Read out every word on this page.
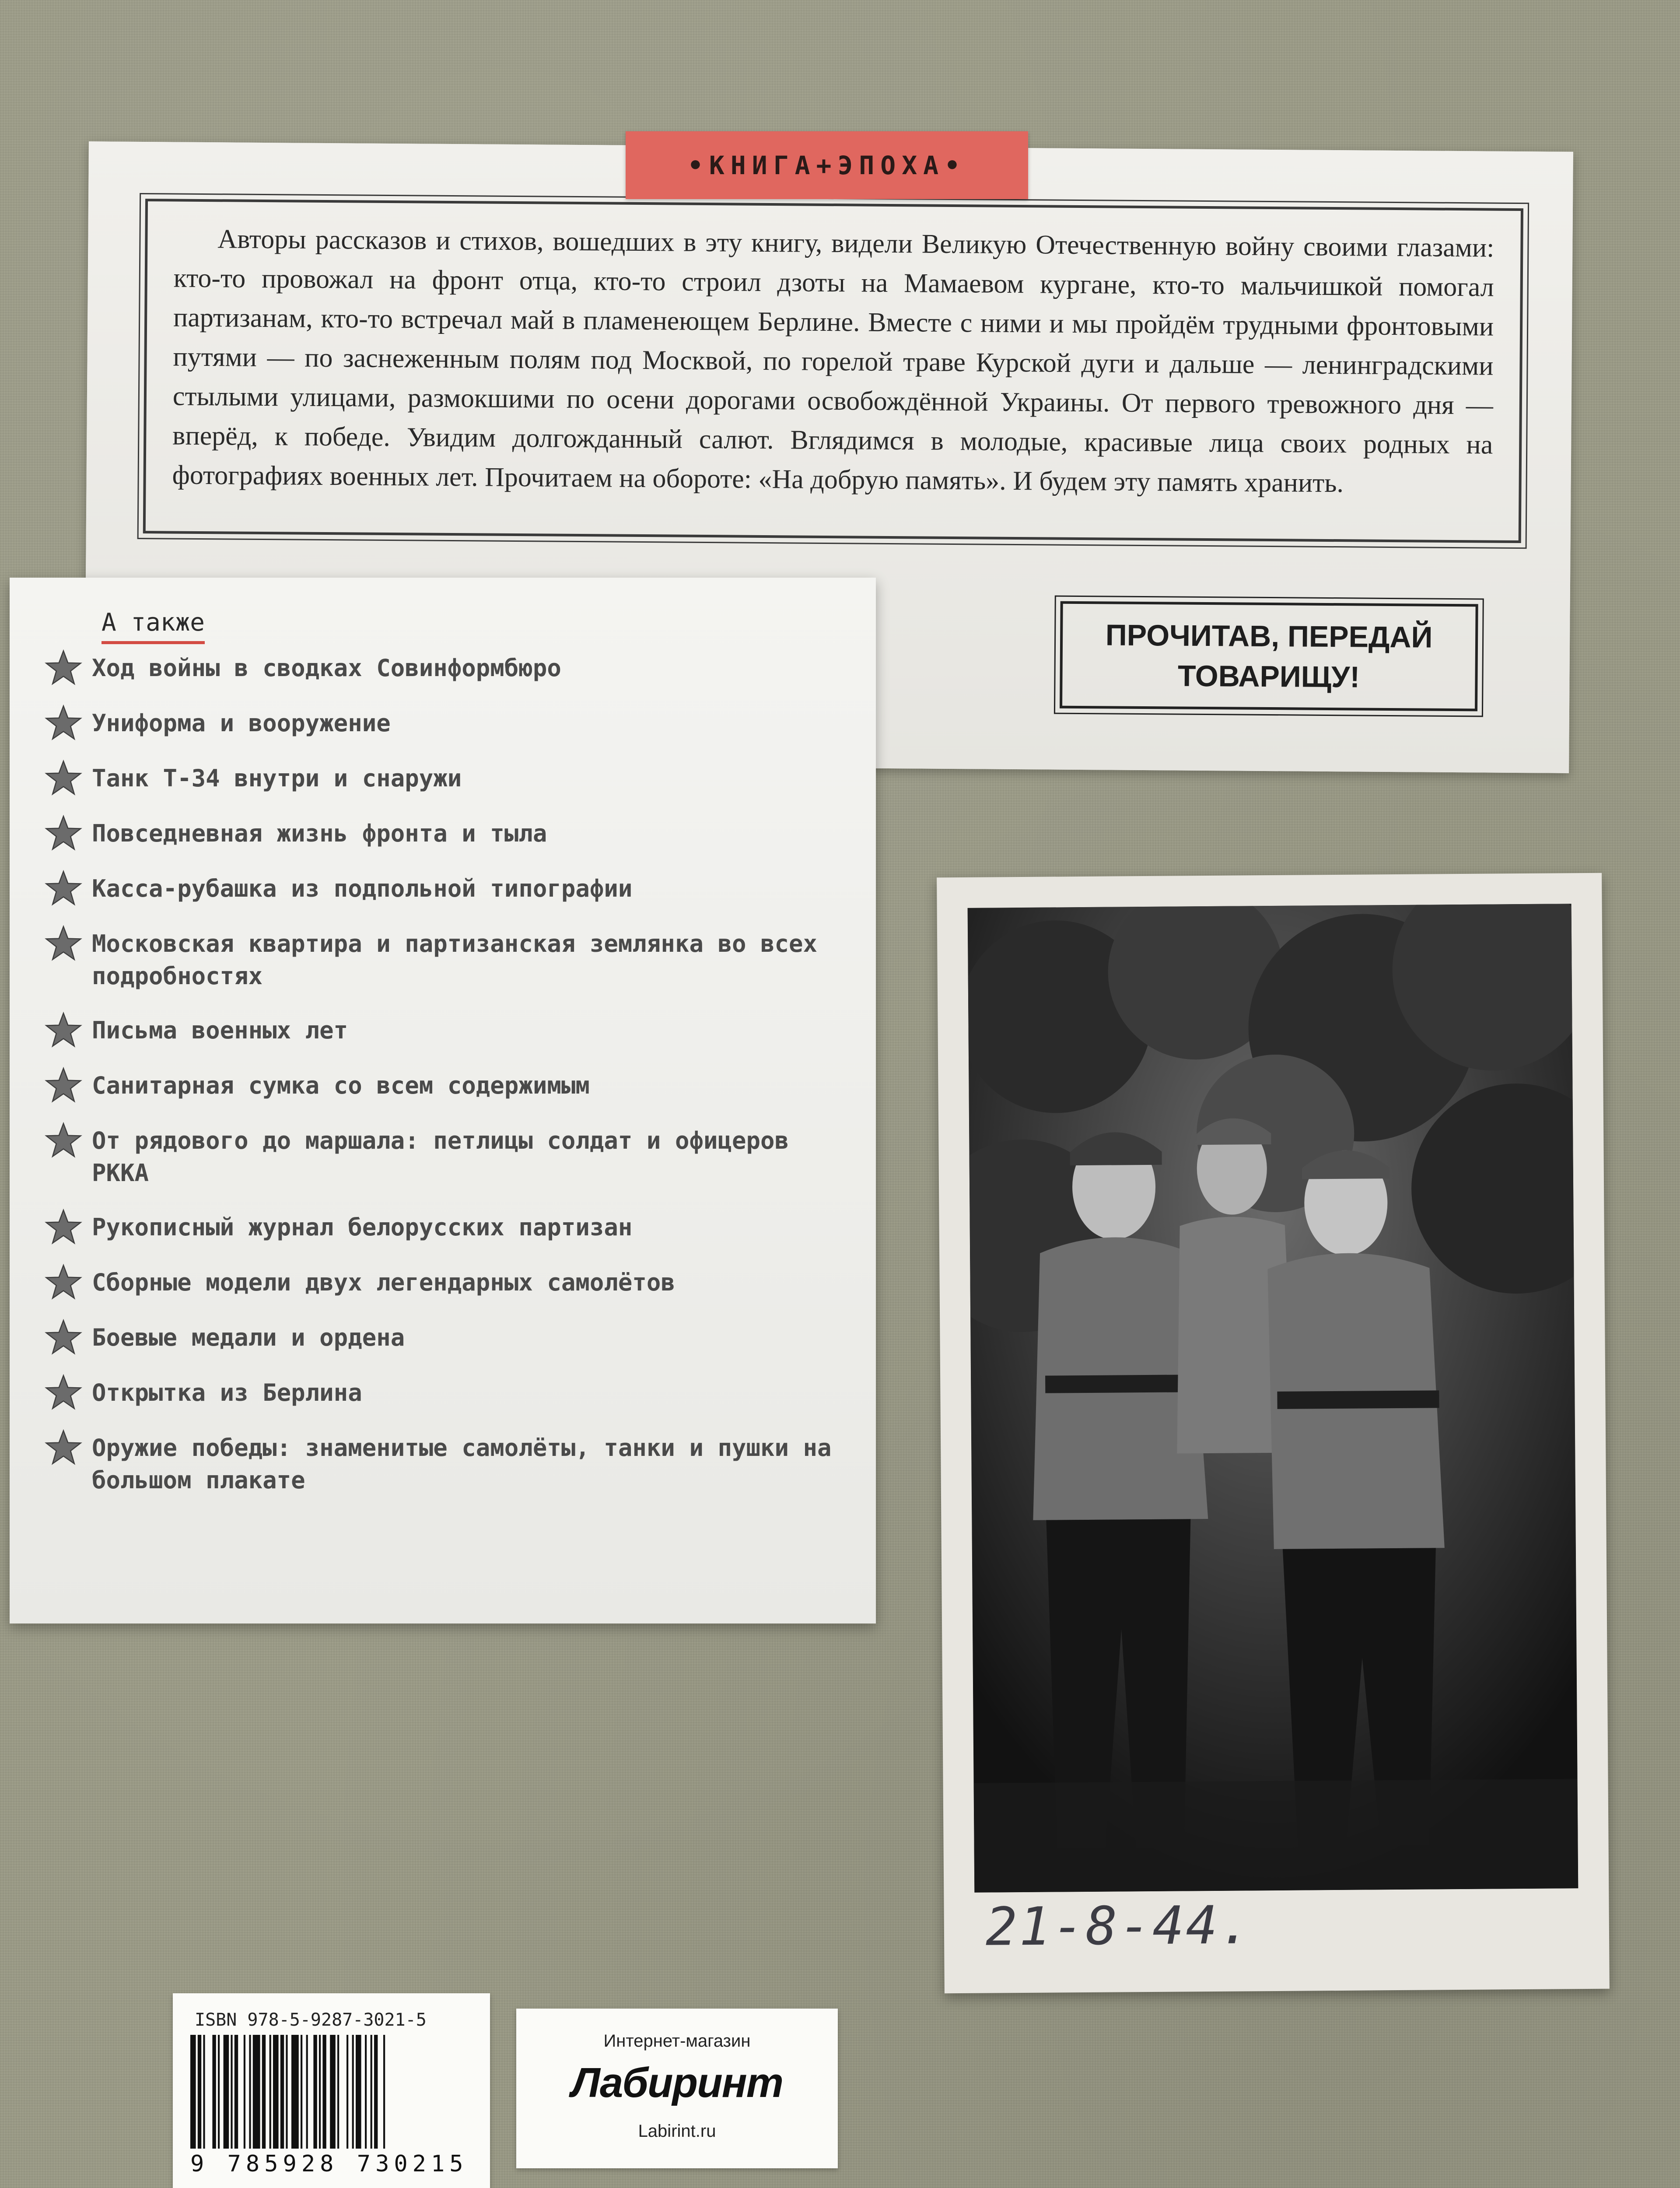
Авторы рассказов и стихов, вошедших в эту книгу, видели Великую Отечественную войну своими глазами: кто-то провожал на фронт отца, кто-то строил дзоты на Мамаевом кургане, кто-то мальчишкой помогал партизанам, кто-то встречал май в пламенеющем Берлине. Вместе с ними и мы пройдём трудными фронтовыми путями — по заснеженным полям под Москвой, по горелой траве Курской дуги и дальше — ленинградскими стылыми улицами, размокшими по осени дорогами освобождённой Украины. От первого тревожного дня — вперёд, к победе. Увидим долгожданный салют. Вглядимся в молодые, красивые лица своих родных на фотографиях военных лет. Прочитаем на обороте: «На добрую память». И будем эту память хранить.

ПРОЧИТАВ, ПЕРЕДАЙ
ТОВАРИЩУ!
•КНИГА+ЭПОХА•
А также
Ход войны в сводках Совинформбюро
Униформа и вооружение
Танк Т-34 внутри и снаружи
Повседневная жизнь фронта и тыла
Касса-рубашка из подпольной типографии
Московская квартира и партизанская землянка во всех подробностях
Письма военных лет
Санитарная сумка со всем содержимым
От рядового до маршала: петлицы солдат и офицеров РККА
Рукописный журнал белорусских партизан
Сборные модели двух легендарных самолётов
Боевые медали и ордена
Открытка из Берлина
Оружие победы: знаменитые самолёты, танки и пушки на большом плакате
21-8-44.
ISBN 978-5-9287-3021-5
9 785928 730215
Интернет-магазин
Лабиринт
Labirint.ru
